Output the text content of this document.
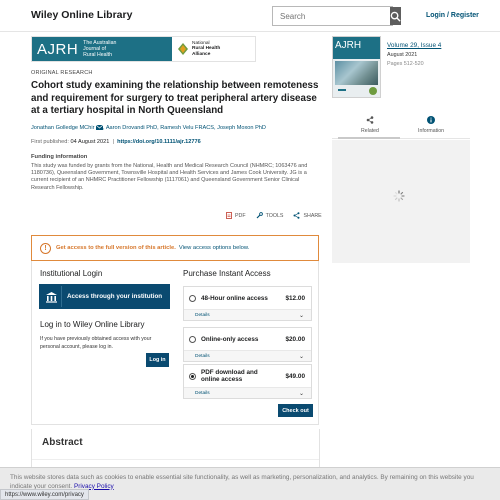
Wiley Online Library
Search	Login / Register
AJRH The Australian
Journal of
Rural Health
National
Rural Health
Alliance
ORIGINAL RESEARCH
Cohort study examining the relationship between remoteness and requirement for surgery to treat peripheral artery disease at a tertiary hospital in North Queensland
Jonathan Golledge MChir , Aaron Drovandi PhD, Ramesh Velu FRACS, Joseph Moxon PhD
First published: 04 August 2021  |  https://doi.org/10.1111/ajr.12776
Funding information
This study was funded by grants from the National, Health and Medical Research Council (NHMRC; 1063476 and 1180736), Queensland Government, Townsville Hospital and Health Services and James Cook University. JG is a current recipient of an NHMRC Practitioner Fellowship (1117061) and Queensland Government Senior Clinical Research Fellowship.
PDF	TOOLS	SHARE
!	Get access to the full version of this article. View access options below.
Institutional Login
Access through your institution
Log in to Wiley Online Library
If you have previously obtained access with your personal account, please log in.
Log in
Purchase Instant Access
48-Hour online access	$12.00
Details	⌄
Online-only access	$20.00
Details	⌄
PDF download and online access	$49.00
Details	⌄
Check out
AJRH	Volume 29, Issue 4
August 2021
Pages 512-520
Related	Information
Abstract
This website stores data such as cookies to enable essential site functionality, as well as marketing, personalization, and analytics. By remaining on this website you indicate your consent. Privacy Policy
https://www.wiley.com/privacy
